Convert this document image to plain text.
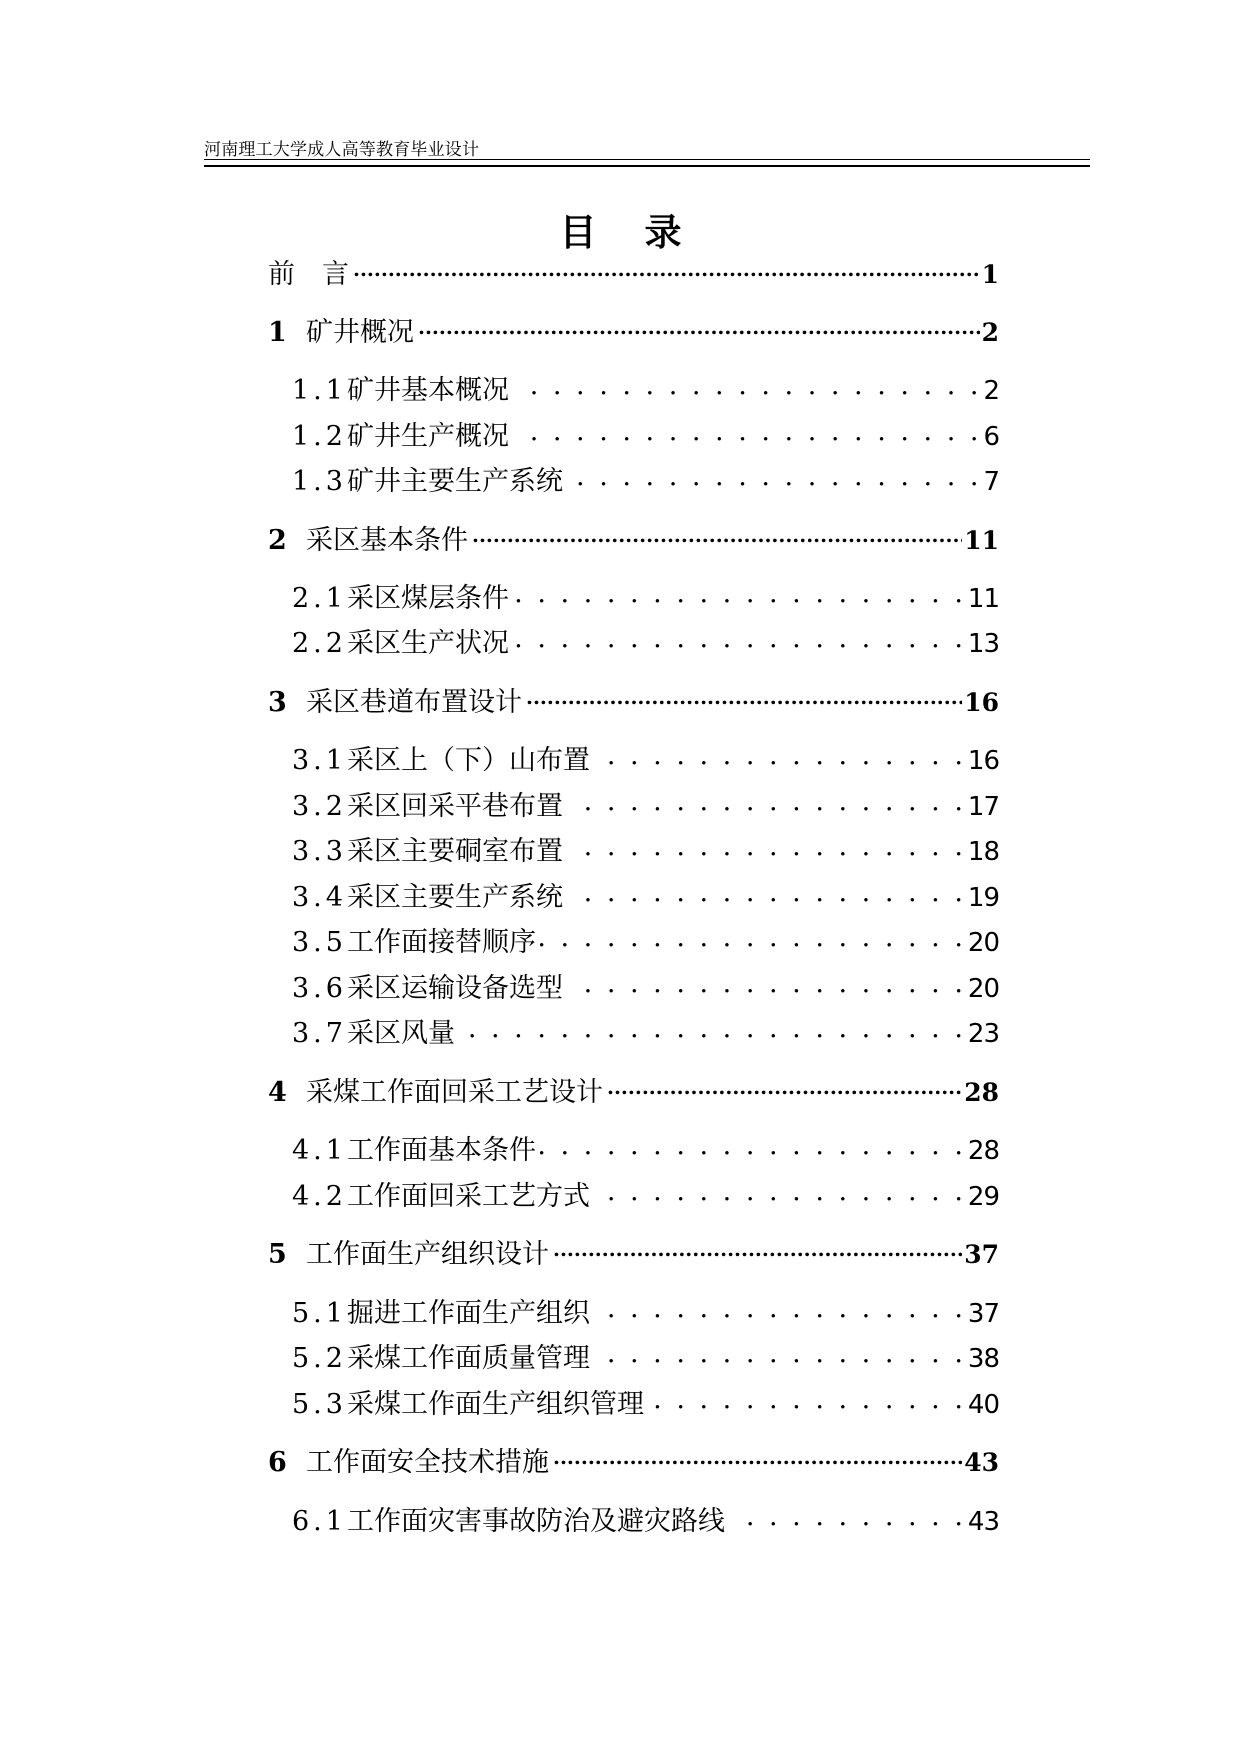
河南理工大学成人高等教育毕业设计
目录
前　言 .....	1
1 矿井概况 .....	2
1.1 矿井基本概况 . . .	2
1.2 矿井生产概况 . . .	6
1.3 矿井主要生产系统 . . .	7
2 采区基本条件 .....	11
2.1 采区煤层条件 . . .	11
2.2 采区生产状况 . . .	13
3 采区巷道布置设计 .....	16
3.1 采区上（下）山布置 . . .	16
3.2 采区回采平巷布置 . . .	17
3.3 采区主要硐室布置 . . .	18
3.4 采区主要生产系统 . . .	19
3.5 工作面接替顺序 . . .	20
3.6 采区运输设备选型 . . .	20
3.7 采区风量 . . .	23
4 采煤工作面回采工艺设计 .....	28
4.1 工作面基本条件 . . .	28
4.2 工作面回采工艺方式 . . .	29
5 工作面生产组织设计 .....	37
5.1 掘进工作面生产组织 . . .	37
5.2 采煤工作面质量管理 . . .	38
5.3 采煤工作面生产组织管理 . . .	40
6 工作面安全技术措施 .....	43
6.1 工作面灾害事故防治及避灾路线 . . .	43
